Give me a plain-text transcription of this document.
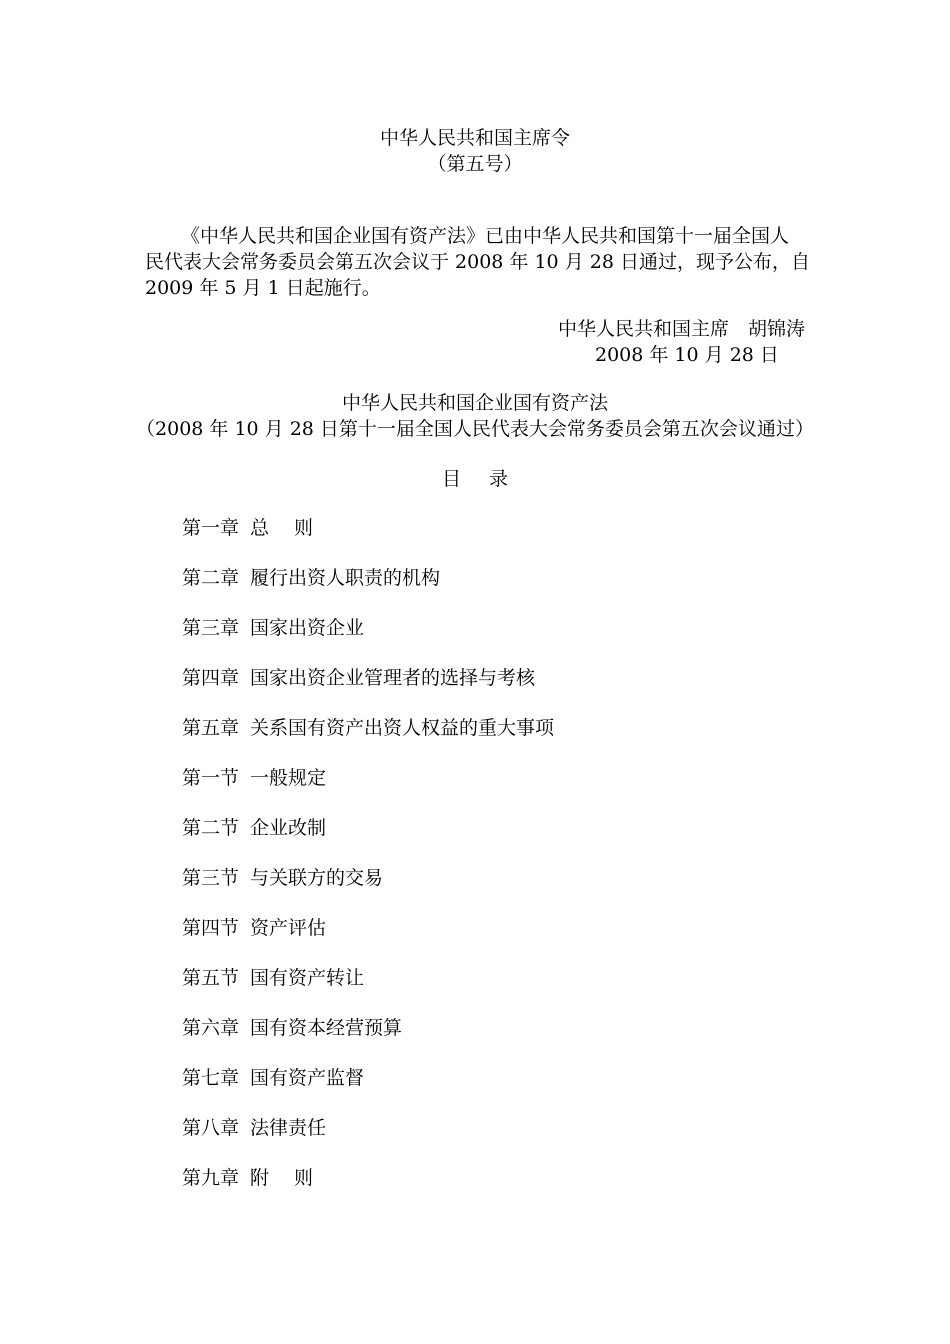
中华人民共和国主席令
（第五号）
《中华人民共和国企业国有资产法》已由中华人民共和国第十一届全国人
民代表大会常务委员会第五次会议于 2008 年 10 月 28 日通过，现予公布，自
2009 年 5 月 1 日起施行。
中华人民共和国主席　胡锦涛
2008 年 10 月 28 日
中华人民共和国企业国有资产法
（2008 年 10 月 28 日第十一届全国人民代表大会常务委员会第五次会议通过）
目 录
第一章 总　 则
第二章 履行出资人职责的机构
第三章 国家出资企业
第四章 国家出资企业管理者的选择与考核
第五章 关系国有资产出资人权益的重大事项
第一节 一般规定
第二节 企业改制
第三节 与关联方的交易
第四节 资产评估
第五节 国有资产转让
第六章 国有资本经营预算
第七章 国有资产监督
第八章 法律责任
第九章 附　 则
